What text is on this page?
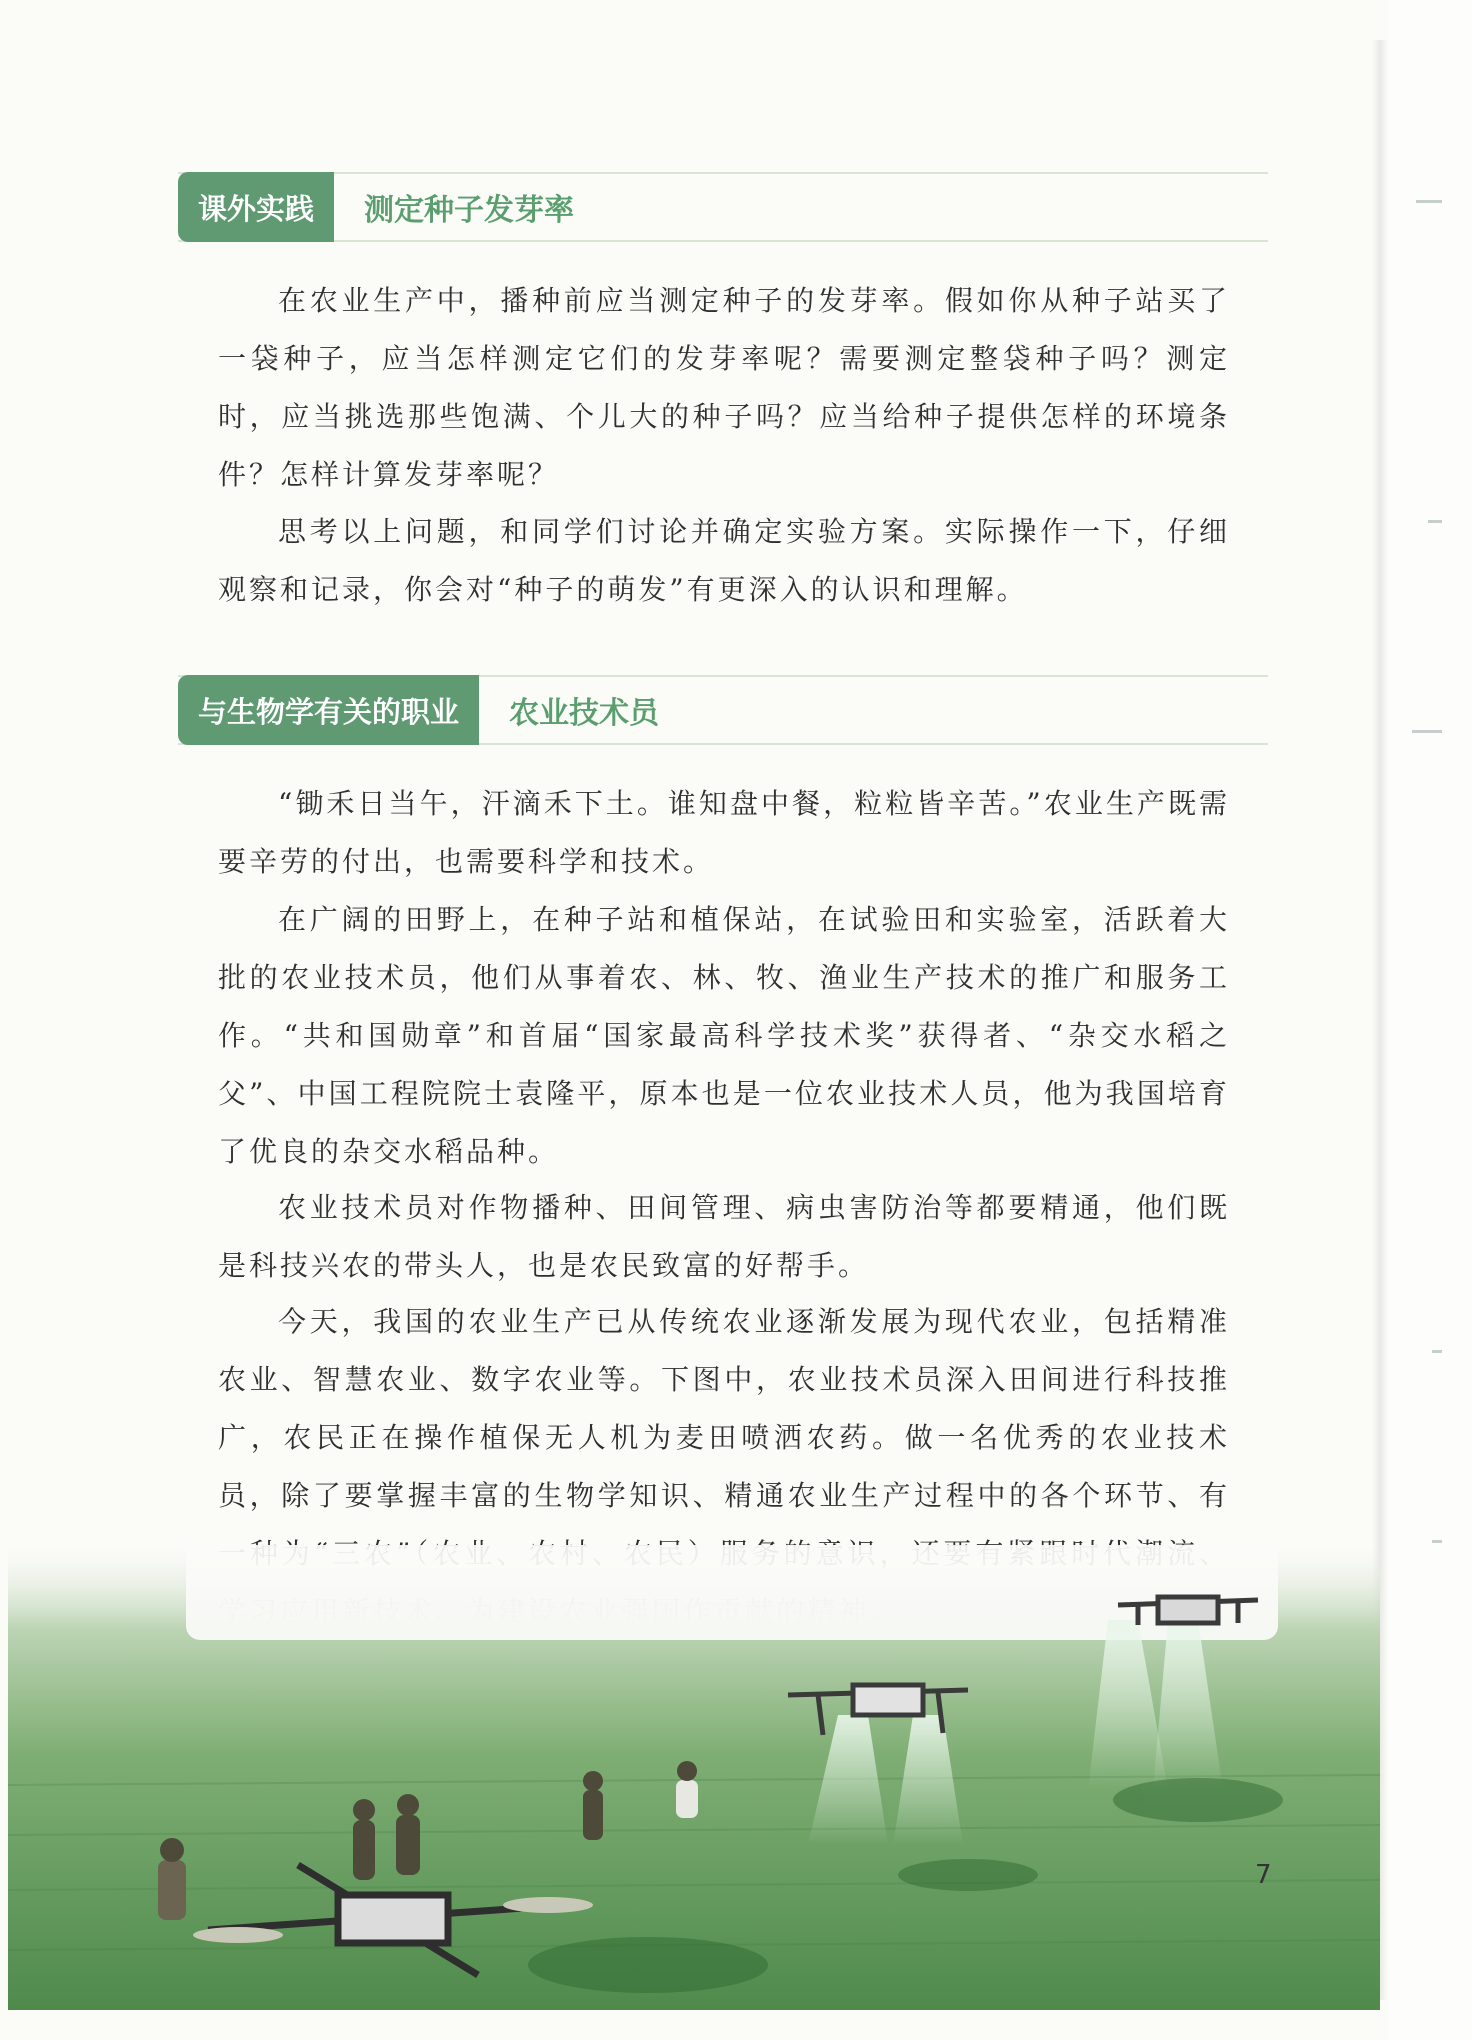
课外实践	测定种子发芽率

在农业生产中，播种前应当测定种子的发芽率。假如你从种子站买了一袋种子，应当怎样测定它们的发芽率呢？需要测定整袋种子吗？测定时，应当挑选那些饱满、个儿大的种子吗？应当给种子提供怎样的环境条件？怎样计算发芽率呢？

思考以上问题，和同学们讨论并确定实验方案。实际操作一下，仔细观察和记录，你会对“种子的萌发”有更深入的认识和理解。

与生物学有关的职业	农业技术员

“锄禾日当午，汗滴禾下土。谁知盘中餐，粒粒皆辛苦。”农业生产既需要辛劳的付出，也需要科学和技术。

在广阔的田野上，在种子站和植保站，在试验田和实验室，活跃着大批的农业技术员，他们从事着农、林、牧、渔业生产技术的推广和服务工作。“共和国勋章”和首届“国家最高科学技术奖”获得者、“杂交水稻之父”、中国工程院院士袁隆平，原本也是一位农业技术人员，他为我国培育了优良的杂交水稻品种。

农业技术员对作物播种、田间管理、病虫害防治等都要精通，他们既是科技兴农的带头人，也是农民致富的好帮手。

今天，我国的农业生产已从传统农业逐渐发展为现代农业，包括精准农业、智慧农业、数字农业等。下图中，农业技术员深入田间进行科技推广，农民正在操作植保无人机为麦田喷洒农药。做一名优秀的农业技术员，除了要掌握丰富的生物学知识、精通农业生产过程中的各个环节、有

7
